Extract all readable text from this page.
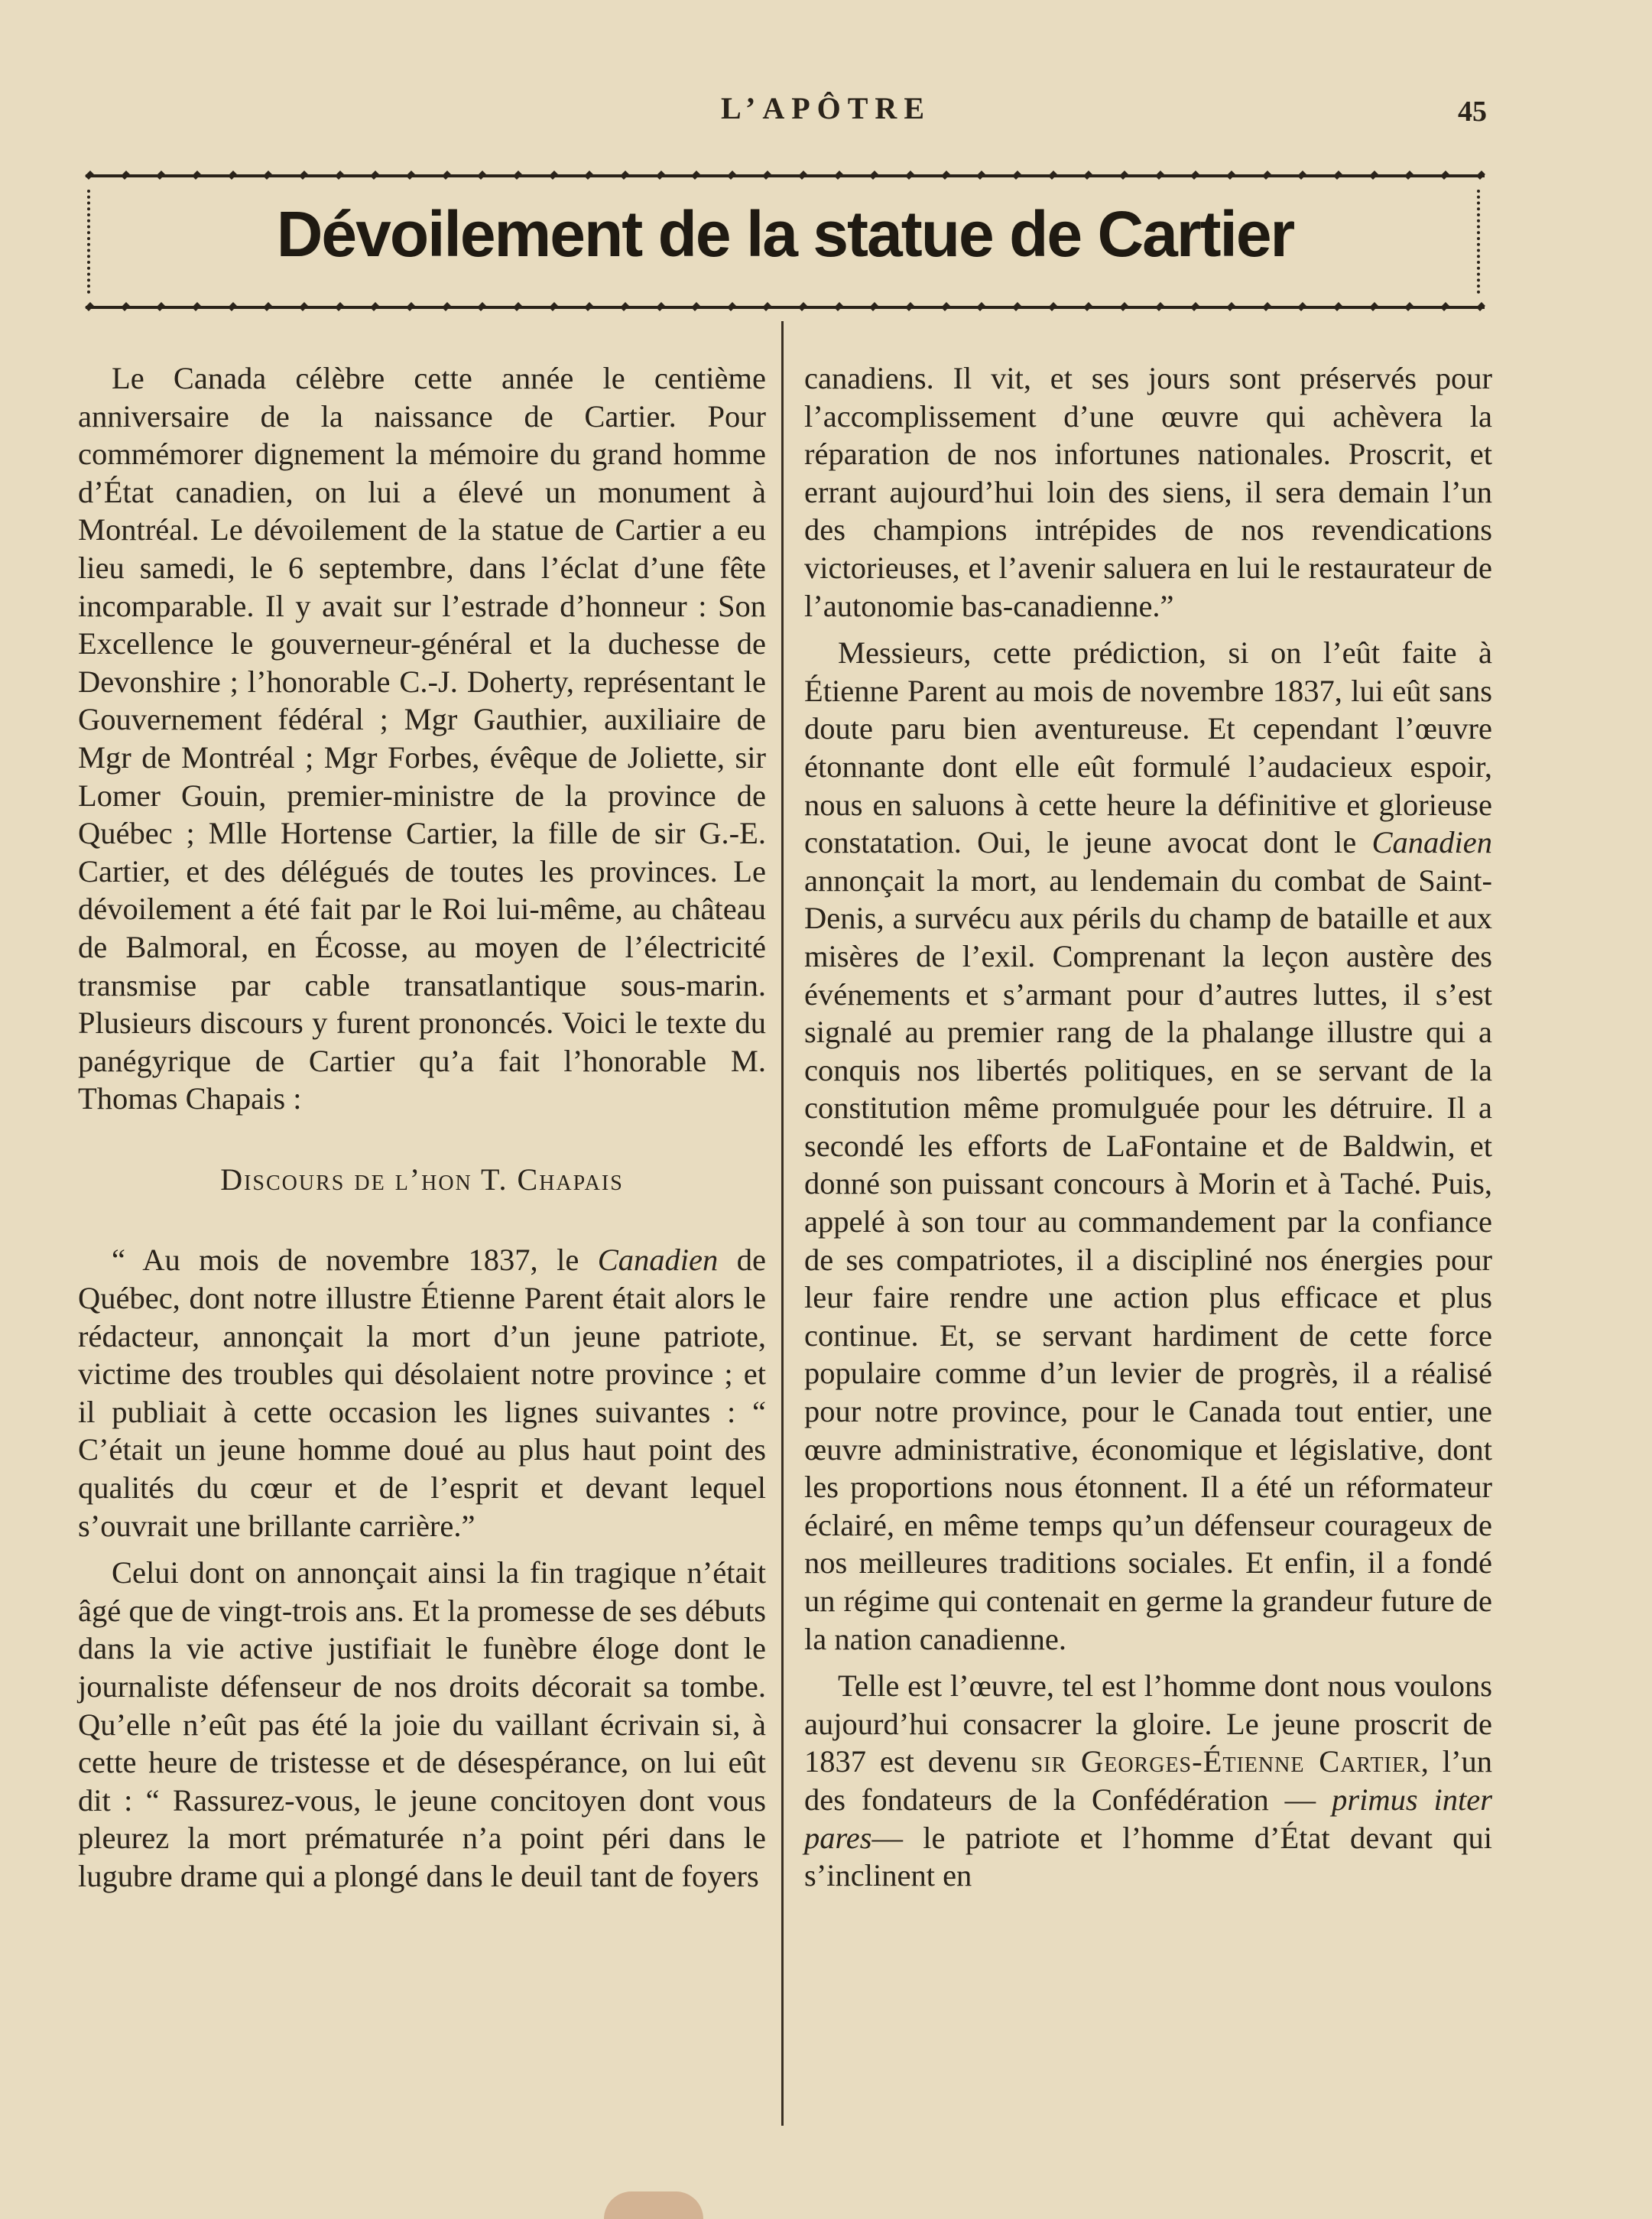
L’APÔTRE	45
Dévoilement de la statue de Cartier

Le Canada célèbre cette année le centième anniversaire de la naissance de Cartier. Pour commémorer dignement la mémoire du grand homme d’État canadien, on lui a élevé un monument à Montréal. Le dévoilement de la statue de Cartier a eu lieu samedi, le 6 septembre, dans l’éclat d’une fête incomparable. Il y avait sur l’estrade d’honneur : Son Excellence le gouverneur-général et la duchesse de Devonshire ; l’honorable C.-J. Doherty, représentant le Gouvernement fédéral ; Mgr Gauthier, auxiliaire de Mgr de Montréal ; Mgr Forbes, évêque de Joliette, sir Lomer Gouin, premier-ministre de la province de Québec ; Mlle Hortense Cartier, la fille de sir G.-E. Cartier, et des délégués de toutes les provinces. Le dévoilement a été fait par le Roi lui-même, au château de Balmoral, en Écosse, au moyen de l’électricité transmise par cable transatlantique sous-marin. Plusieurs discours y furent prononcés. Voici le texte du panégyrique de Cartier qu’a fait l’honorable M. Thomas Chapais :

Discours de l’hon T. Chapais

“ Au mois de novembre 1837, le Canadien de Québec, dont notre illustre Étienne Parent était alors le rédacteur, annonçait la mort d’un jeune patriote, victime des troubles qui désolaient notre province ; et il publiait à cette occasion les lignes suivantes : “ C’était un jeune homme doué au plus haut point des qualités du cœur et de l’esprit et devant lequel s’ouvrait une brillante carrière.”

Celui dont on annonçait ainsi la fin tragique n’était âgé que de vingt-trois ans. Et la promesse de ses débuts dans la vie active justifiait le funèbre éloge dont le journaliste défenseur de nos droits décorait sa tombe. Qu’elle n’eût pas été la joie du vaillant écrivain si, à cette heure de tristesse et de désespérance, on lui eût dit : “ Rassurez-vous, le jeune concitoyen dont vous pleurez la mort prématurée n’a point péri dans le lugubre drame qui a plongé dans le deuil tant de foyers

canadiens. Il vit, et ses jours sont préservés pour l’accomplissement d’une œuvre qui achèvera la réparation de nos infortunes nationales. Proscrit, et errant aujourd’hui loin des siens, il sera demain l’un des champions intrépides de nos revendications victorieuses, et l’avenir saluera en lui le restaurateur de l’autonomie bas-canadienne.”

Messieurs, cette prédiction, si on l’eût faite à Étienne Parent au mois de novembre 1837, lui eût sans doute paru bien aventureuse. Et cependant l’œuvre étonnante dont elle eût formulé l’audacieux espoir, nous en saluons à cette heure la définitive et glorieuse constatation. Oui, le jeune avocat dont le Canadien annonçait la mort, au lendemain du combat de Saint-Denis, a survécu aux périls du champ de bataille et aux misères de l’exil. Comprenant la leçon austère des événements et s’armant pour d’autres luttes, il s’est signalé au premier rang de la phalange illustre qui a conquis nos libertés politiques, en se servant de la constitution même promulguée pour les détruire. Il a secondé les efforts de LaFontaine et de Baldwin, et donné son puissant concours à Morin et à Taché. Puis, appelé à son tour au commandement par la confiance de ses compatriotes, il a discipliné nos énergies pour leur faire rendre une action plus efficace et plus continue. Et, se servant hardiment de cette force populaire comme d’un levier de progrès, il a réalisé pour notre province, pour le Canada tout entier, une œuvre administrative, économique et législative, dont les proportions nous étonnent. Il a été un réformateur éclairé, en même temps qu’un défenseur courageux de nos meilleures traditions sociales. Et enfin, il a fondé un régime qui contenait en germe la grandeur future de la nation canadienne.

Telle est l’œuvre, tel est l’homme dont nous voulons aujourd’hui consacrer la gloire. Le jeune proscrit de 1837 est devenu sir Georges-Étienne Cartier, l’un des fondateurs de la Confédération — primus inter pares— le patriote et l’homme d’État devant qui s’inclinent en
